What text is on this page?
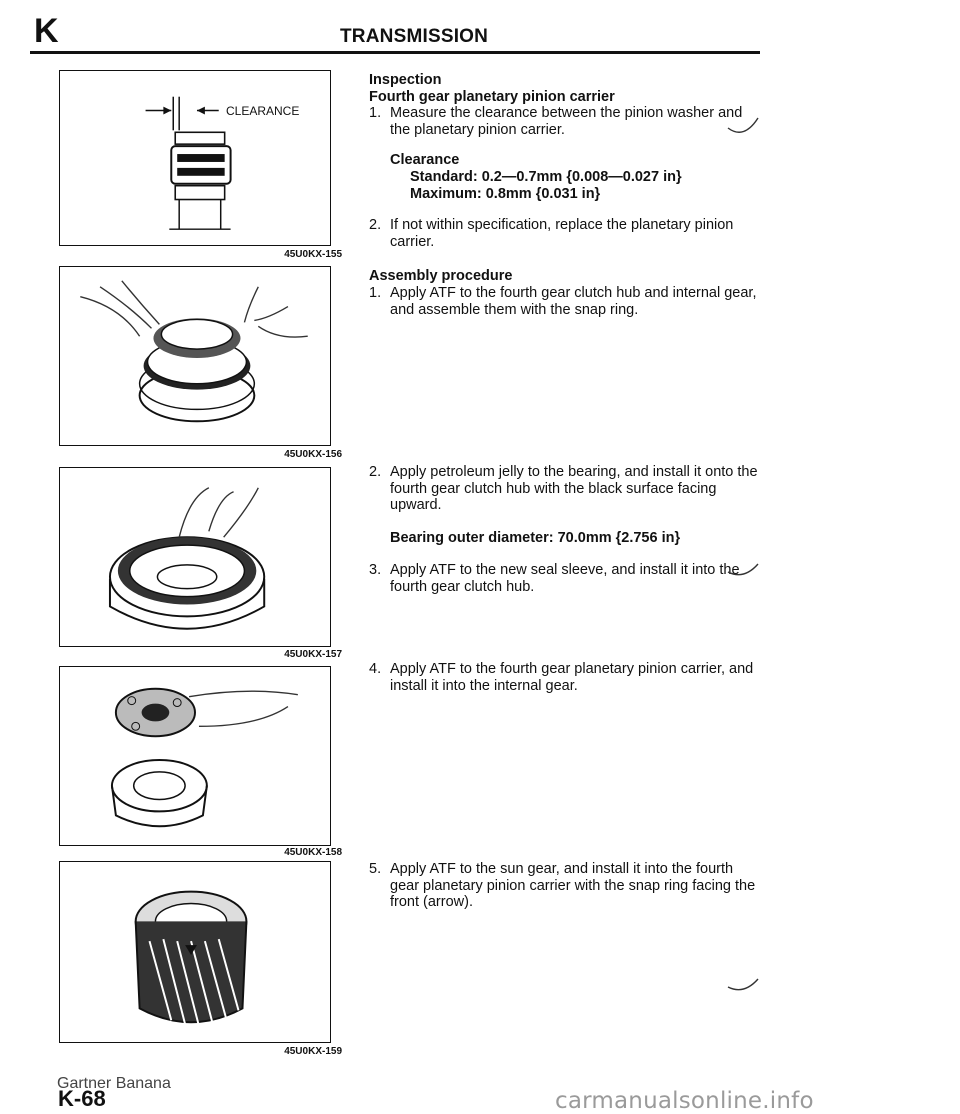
K	TRANSMISSION
CLEARANCE
45U0KX-155
45U0KX-156
45U0KX-157
45U0KX-158
45U0KX-159
Inspection
Fourth gear planetary pinion carrier
1. Measure the clearance between the pinion washer and the planetary pinion carrier.
Clearance
Standard: 0.2—0.7mm {0.008—0.027 in}
Maximum: 0.8mm {0.031 in}
2. If not within specification, replace the planetary pinion carrier.
Assembly procedure
1. Apply ATF to the fourth gear clutch hub and internal gear, and assemble them with the snap ring.
2. Apply petroleum jelly to the bearing, and install it onto the fourth gear clutch hub with the black surface facing upward.
Bearing outer diameter: 70.0mm {2.756 in}
3. Apply ATF to the new seal sleeve, and install it into the fourth gear clutch hub.
4. Apply ATF to the fourth gear planetary pinion carrier, and install it into the internal gear.
5. Apply ATF to the sun gear, and install it into the fourth gear planetary pinion carrier with the snap ring facing the front (arrow).
Gartner Banana
K-68	carmanualsonline.info
